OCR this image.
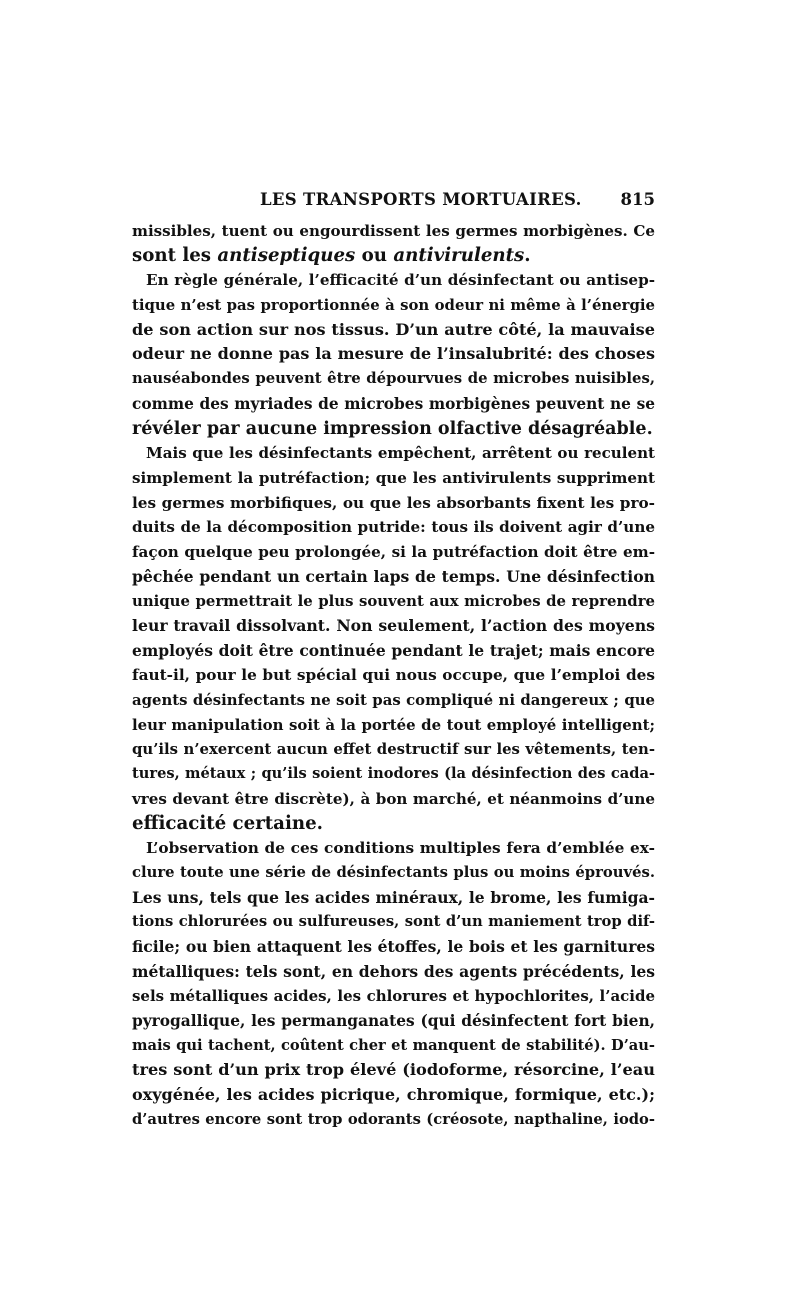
LES TRANSPORTS MORTUAIRES. 815
missibles, tuent ou engourdissent les germes morbigènes. Ce
sont les antiseptiques ou antivirulents.
En règle générale, l’efficacité d’un désinfectant ou antisep-
tique n’est pas proportionnée à son odeur ni même à l’énergie
de son action sur nos tissus. D’un autre côté, la mauvaise
odeur ne donne pas la mesure de l’insalubrité: des choses
nauséabondes peuvent être dépourvues de microbes nuisibles,
comme des myriades de microbes morbigènes peuvent ne se
révéler par aucune impression olfactive désagréable.
Mais que les désinfectants empêchent, arrêtent ou reculent
simplement la putréfaction; que les antivirulents suppriment
les germes morbifiques, ou que les absorbants fixent les pro-
duits de la décomposition putride: tous ils doivent agir d’une
façon quelque peu prolongée, si la putréfaction doit être em-
pêchée pendant un certain laps de temps. Une désinfection
unique permettrait le plus souvent aux microbes de reprendre
leur travail dissolvant. Non seulement, l’action des moyens
employés doit être continuée pendant le trajet; mais encore
faut-il, pour le but spécial qui nous occupe, que l’emploi des
agents désinfectants ne soit pas compliqué ni dangereux ; que
leur manipulation soit à la portée de tout employé intelligent;
qu’ils n’exercent aucun effet destructif sur les vêtements, ten-
tures, métaux ; qu’ils soient inodores (la désinfection des cada-
vres devant être discrète), à bon marché, et néanmoins d’une
efficacité certaine.
L’observation de ces conditions multiples fera d’emblée ex-
clure toute une série de désinfectants plus ou moins éprouvés.
Les uns, tels que les acides minéraux, le brome, les fumiga-
tions chlorurées ou sulfureuses, sont d’un maniement trop dif-
ficile; ou bien attaquent les étoffes, le bois et les garnitures
métalliques: tels sont, en dehors des agents précédents, les
sels métalliques acides, les chlorures et hypochlorites, l’acide
pyrogallique, les permanganates (qui désinfectent fort bien,
mais qui tachent, coûtent cher et manquent de stabilité). D’au-
tres sont d’un prix trop élevé (iodoforme, résorcine, l’eau
oxygénée, les acides picrique, chromique, formique, etc.);
d’autres encore sont trop odorants (créosote, napthaline, iodo-
